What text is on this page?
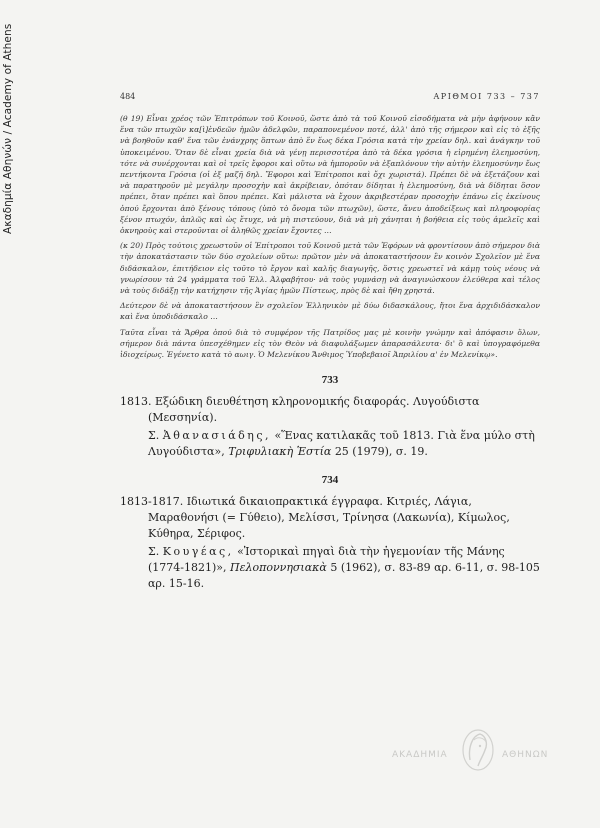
Ακαδημία Αθηνών / Academy of Athens	484	ΑΡΙΘΜΟΙ 733 – 737

(θ 19) Εἶναι χρέος τῶν Ἐπιτρόπων τοῦ Κοινοῦ, ὥστε ἀπὸ τὰ τοῦ Κοινοῦ εἰσοδήματα νὰ μὴν ἀφήνουν κἂν ἕνα τῶν πτωχῶν κα[ὶ]ἐνδεῶν ἡμῶν ἀδελφῶν, παραπονεμένον ποτέ, ἀλλ' ἀπὸ τῆς σήμερον καὶ εἰς τὸ ἑξῆς νὰ βοηθοῦν καθ' ἕνα τῶν ἐνάνχρης ὅπτων ἀπὸ ἕν ἕως δέκα Γρόσια κατὰ τὴν χρείαν δηλ. καὶ ἀνάγκην τοῦ ὑποκειμένου. Ὅταν δὲ εἶναι χρεία διὰ νὰ γένῃ περισσοτέρα ἀπὸ τὰ δέκα γρόσια ἡ εἰρημένη ἐλεημοσύνη, τότε νὰ συνέρχονται καὶ οἱ τρεῖς ἔφοροι καὶ οὕτω νὰ ἠμποροῦν νὰ ἐξαπλόνουν τὴν αὐτὴν ἐλεημοσύνην ἕως πεντήκοντα Γρόσια (οἱ ἐξ μαζῆ δηλ. Ἔφοροι καὶ Ἐπίτροποι καὶ ὄχι χωριστά). Πρέπει δὲ νὰ ἐξετάζουν καὶ νὰ παρατηροῦν μὲ μεγάλην προσοχὴν καὶ ἀκρίβειαν, ὁπόταν δίδηται ἡ ἐλεημοσύνη, διὰ νὰ δίδηται ὅσον πρέπει, ὅταν πρέπει καὶ ὅπου πρέπει. Καὶ μάλιστα νὰ ἔχουν ἀκριβεστέραν προσοχὴν ἐπάνω εἰς ἐκείνους ὁπού ἔρχονται ἀπὸ ξένους τόπους (ὑπὸ τὸ ὄνομα τῶν πτωχῶν), ὥστε, ἄνευ ἀποδείξεως καὶ πληροφορίας ξένον πτωχόν, ἁπλῶς καὶ ὡς ἔτυχε, νὰ μὴ πιστεύουν, διὰ νὰ μὴ χάνηται ἡ βοήθεια εἰς τοὺς ἀμελεῖς καὶ ὀκνηροὺς καὶ στεροῦνται οἱ ἀληθῶς χρείαν ἔχοντες …

(κ 20) Πρὸς τούτοις χρεωστοῦν οἱ Ἐπίτροποι τοῦ Κοινοῦ μετὰ τῶν Ἐφόρων νὰ φροντίσουν ἀπὸ σήμερον διὰ τὴν ἀποκατάστασιν τῶν δύο σχολείων οὕτω: πρῶτον μὲν νὰ ἀποκαταστήσουν ἓν κοινὸν Σχολεῖον μὲ ἕνα διδάσκαλον, ἐπιτήδειον εἰς τοῦτο τὸ ἔργον καὶ καλῆς διαγωγῆς, ὅστις χρεωστεῖ νὰ κάμῃ τοὺς νέους νὰ γνωρίσουν τὰ 24 γράμματα τοῦ Ἑλλ. Ἀλφαβήτου· νὰ τοὺς γυμνάσῃ νὰ ἀναγινώσκουν ἐλεύθερα καὶ τέλος νὰ τοὺς διδάξῃ τὴν κατήχησιν τῆς Ἁγίας ἡμῶν Πίστεως, πρὸς δὲ καὶ ἤθη χρηστά.

Δεύτερον δὲ νὰ ἀποκαταστήσουν ἓν σχολεῖον Ἑλληνικὸν μὲ δύω διδασκάλους, ἤτοι ἕνα ἀρχιδιδάσκαλον καὶ ἕνα ὑποδιδάσκαλο …

Ταῦτα εἶναι τὰ Ἄρθρα ὁπού διὰ τὸ συμφέρον τῆς Πατρίδος μας μὲ κοινὴν γνώμην καὶ ἀπόφασιν ὅλων, σήμερον διὰ πάντα ὑπεσχέθημεν εἰς τὸν Θεὸν νὰ διαφυλάξωμεν ἀπαρασάλευτα· δι' ὃ καὶ ὑπογραφόμεθα ἰδιοχείρως. Ἐγένετο κατὰ τὸ αωιγ. Ὁ Μελενίκου Ἄνθιμος Ὑποβεβαιοῖ Ἀπριλίου α' ἐν Μελενίκῳ».

733

1813. Εξώδικη διευθέτηση κληρονομικής διαφοράς. Λυγούδιστα (Μεσσηνία).

Σ. Ἀθανασιάδης, «Ἕνας κατιλακᾶς τοῦ 1813. Γιὰ ἕνα μύλο στὴ Λυγούδιστα», Τριφυλιακὴ Ἑστία 25 (1979), σ. 19.

734

1813-1817. Ιδιωτικά δικαιοπρακτικά έγγραφα. Κιτριές, Λάγια, Μαραθονήσι (= Γύθειο), Μελίσσι, Τρίνησα (Λακωνία), Κίμωλος, Κύθηρα, Σέριφος.

Σ. Κουγέας, «Ἱστορικαὶ πηγαὶ διὰ τὴν ἡγεμονίαν τῆς Μάνης (1774-1821)», Πελοποννησιακὰ 5 (1962), σ. 83-89 αρ. 6-11, σ. 98-105 αρ. 15-16.

ΑΚΑΔΗΜΙΑ	ΑΘΗΝΩΝ
